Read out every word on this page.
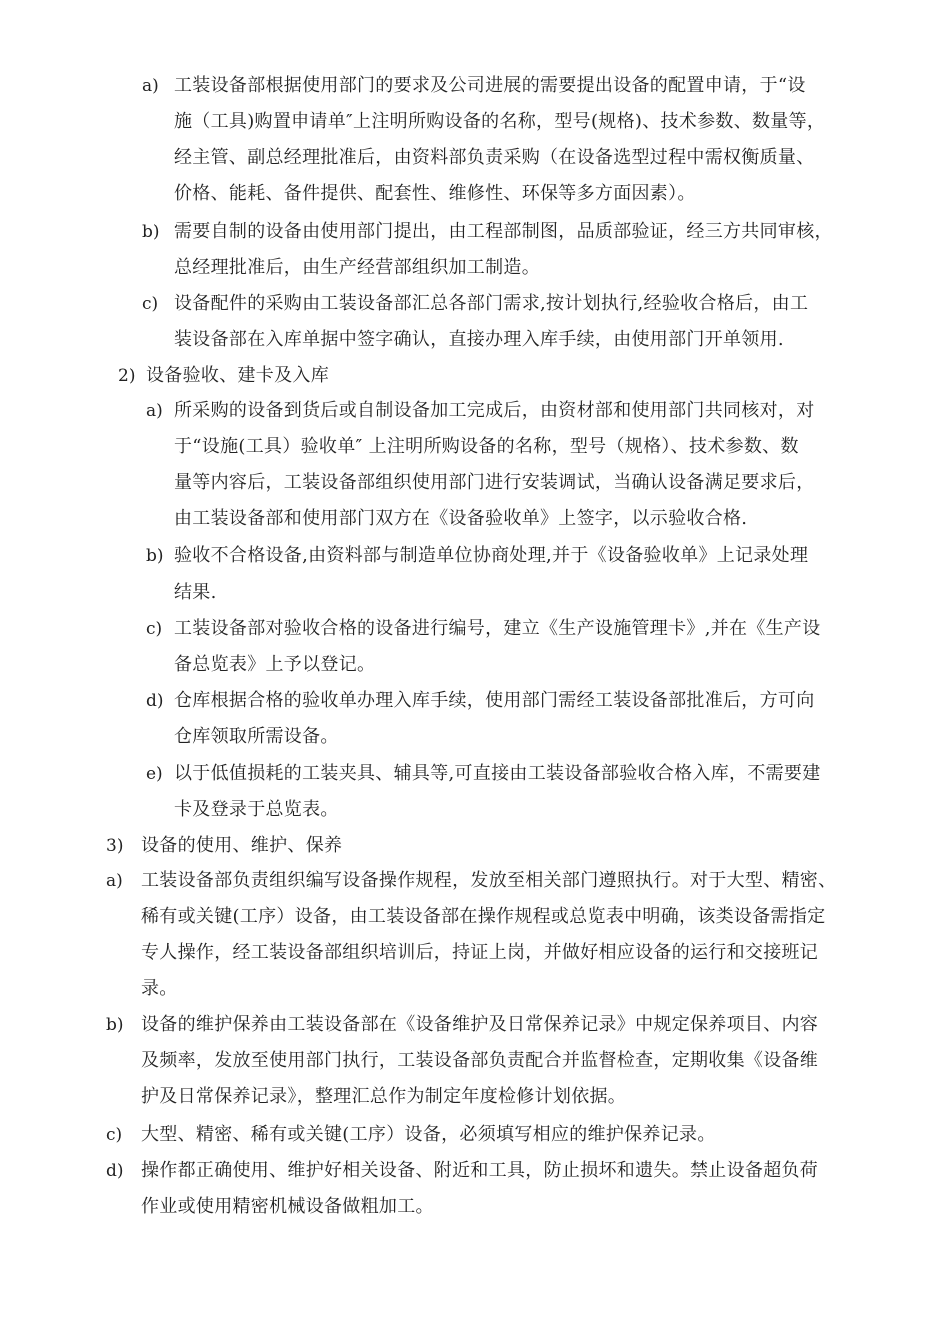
a) 工装设备部根据使用部门的要求及公司进展的需要提出设备的配置申请，于“设
施（工具)购置申请单″上注明所购设备的名称，型号(规格)、技术参数、数量等，
经主管、副总经理批准后，由资料部负责采购（在设备选型过程中需权衡质量、
价格、能耗、备件提供、配套性、维修性、环保等多方面因素）。
b) 需要自制的设备由使用部门提出，由工程部制图，品质部验证，经三方共同审核，
总经理批准后，由生产经营部组织加工制造。
c) 设备配件的采购由工装设备部汇总各部门需求,按计划执行,经验收合格后，由工
装设备部在入库单据中签字确认，直接办理入库手续，由使用部门开单领用.
2) 设备验收、建卡及入库
a) 所采购的设备到货后或自制设备加工完成后，由资材部和使用部门共同核对，对
于“设施(工具）验收单″ 上注明所购设备的名称，型号（规格）、技术参数、数
量等内容后，工装设备部组织使用部门进行安装调试，当确认设备满足要求后，
由工装设备部和使用部门双方在《设备验收单》上签字，以示验收合格.
b) 验收不合格设备,由资料部与制造单位协商处理,并于《设备验收单》上记录处理
结果.
c) 工装设备部对验收合格的设备进行编号，建立《生产设施管理卡》,并在《生产设
备总览表》上予以登记。
d) 仓库根据合格的验收单办理入库手续，使用部门需经工装设备部批准后，方可向
仓库领取所需设备。
e) 以于低值损耗的工装夹具、辅具等,可直接由工装设备部验收合格入库，不需要建
卡及登录于总览表。
3) 设备的使用、维护、保养
a) 工装设备部负责组织编写设备操作规程，发放至相关部门遵照执行。对于大型、精密、
稀有或关键(工序）设备，由工装设备部在操作规程或总览表中明确，该类设备需指定
专人操作，经工装设备部组织培训后，持证上岗，并做好相应设备的运行和交接班记
录。
b) 设备的维护保养由工装设备部在《设备维护及日常保养记录》中规定保养项目、内容
及频率，发放至使用部门执行，工装设备部负责配合并监督检查，定期收集《设备维
护及日常保养记录》，整理汇总作为制定年度检修计划依据。
c) 大型、精密、稀有或关键(工序）设备，必须填写相应的维护保养记录。
d) 操作都正确使用、维护好相关设备、附近和工具，防止损坏和遗失。禁止设备超负荷
作业或使用精密机械设备做粗加工。
